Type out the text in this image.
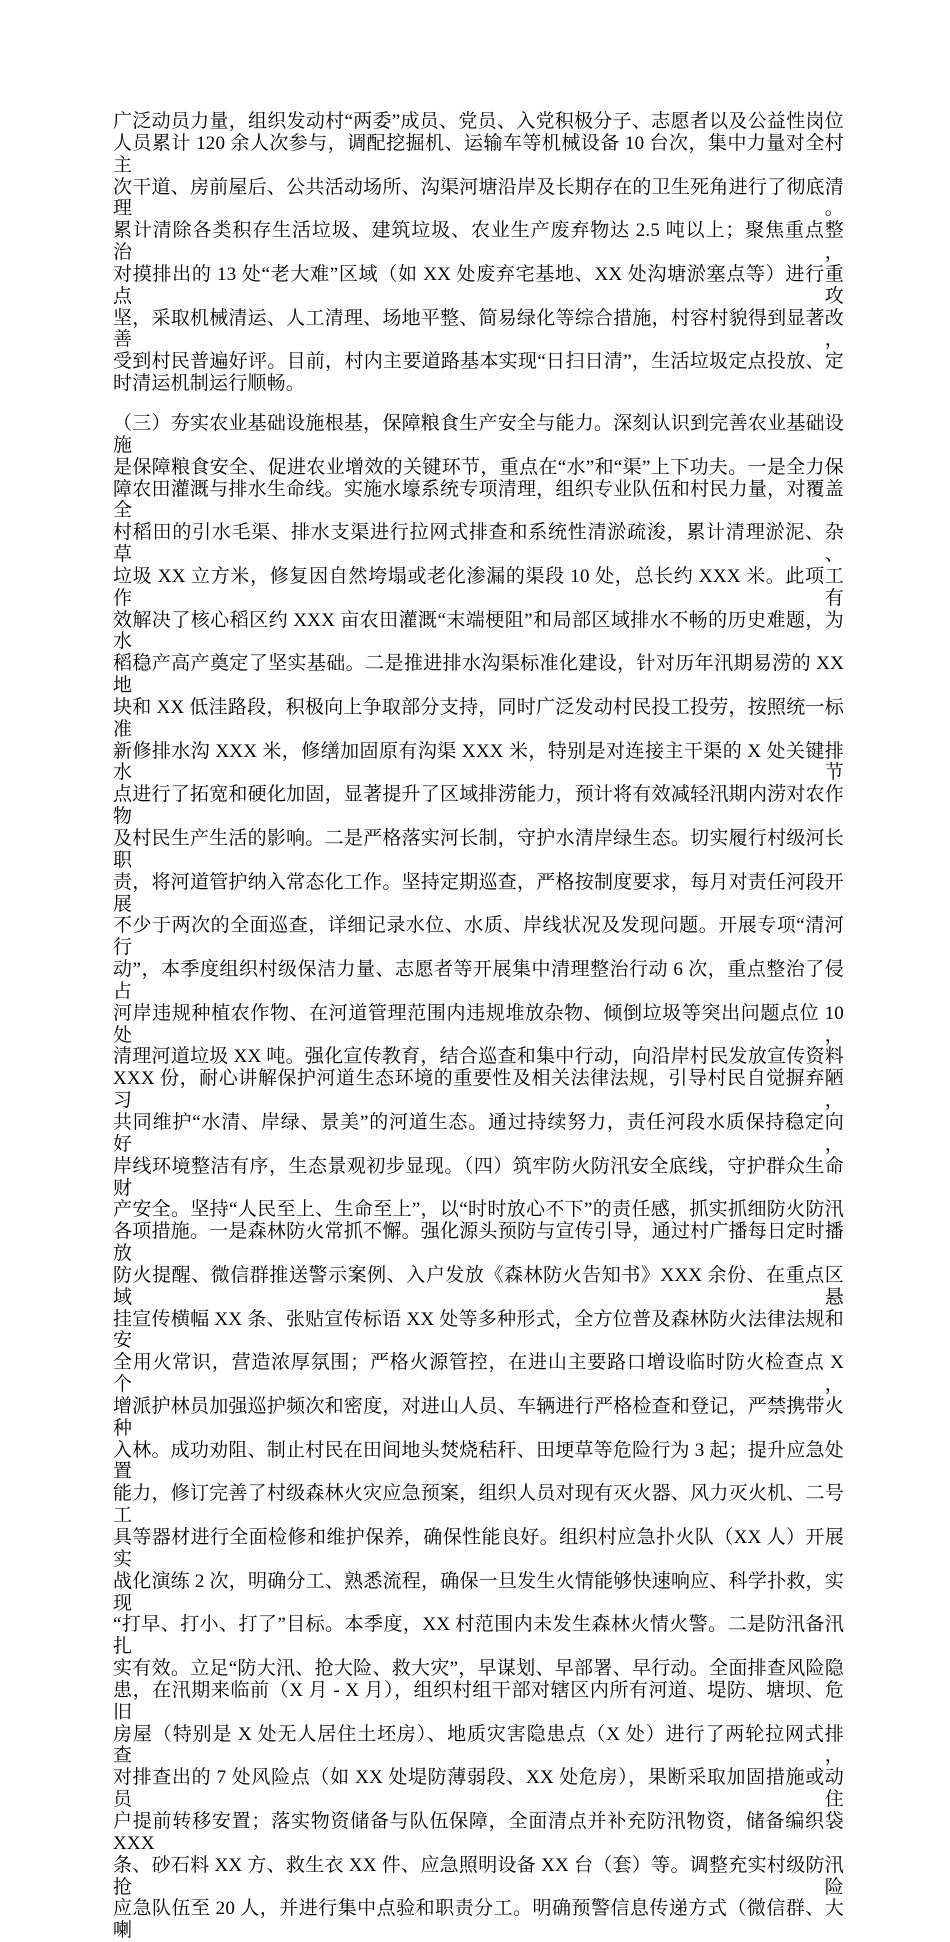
广泛动员力量，组织发动村“两委”成员、党员、入党积极分子、志愿者以及公益性岗位
人员累计 120 余人次参与，调配挖掘机、运输车等机械设备 10 台次，集中力量对全村主
次干道、房前屋后、公共活动场所、沟渠河塘沿岸及长期存在的卫生死角进行了彻底清理。
累计清除各类积存生活垃圾、建筑垃圾、农业生产废弃物达 2.5 吨以上；聚焦重点整治，
对摸排出的 13 处“老大难”区域（如 XX 处废弃宅基地、XX 处沟塘淤塞点等）进行重点攻
坚，采取机械清运、人工清理、场地平整、简易绿化等综合措施，村容村貌得到显著改善，
受到村民普遍好评。目前，村内主要道路基本实现“日扫日清”，生活垃圾定点投放、定
时清运机制运行顺畅。
（三）夯实农业基础设施根基，保障粮食生产安全与能力。深刻认识到完善农业基础设施
是保障粮食安全、促进农业增效的关键环节，重点在“水”和“渠”上下功夫。一是全力保
障农田灌溉与排水生命线。实施水壕系统专项清理，组织专业队伍和村民力量，对覆盖全
村稻田的引水毛渠、排水支渠进行拉网式排查和系统性清淤疏浚，累计清理淤泥、杂草、
垃圾 XX 立方米，修复因自然垮塌或老化渗漏的渠段 10 处，总长约 XXX 米。此项工作有
效解决了核心稻区约 XXX 亩农田灌溉“末端梗阻”和局部区域排水不畅的历史难题，为水
稻稳产高产奠定了坚实基础。二是推进排水沟渠标准化建设，针对历年汛期易涝的 XX 地
块和 XX 低洼路段，积极向上争取部分支持，同时广泛发动村民投工投劳，按照统一标准
新修排水沟 XXX 米，修缮加固原有沟渠 XXX 米，特别是对连接主干渠的 X 处关键排水节
点进行了拓宽和硬化加固，显著提升了区域排涝能力，预计将有效减轻汛期内涝对农作物
及村民生产生活的影响。二是严格落实河长制，守护水清岸绿生态。切实履行村级河长职
责，将河道管护纳入常态化工作。坚持定期巡查，严格按制度要求，每月对责任河段开展
不少于两次的全面巡查，详细记录水位、水质、岸线状况及发现问题。开展专项“清河行
动”，本季度组织村级保洁力量、志愿者等开展集中清理整治行动 6 次，重点整治了侵占
河岸违规种植农作物、在河道管理范围内违规堆放杂物、倾倒垃圾等突出问题点位 10 处，
清理河道垃圾 XX 吨。强化宣传教育，结合巡查和集中行动，向沿岸村民发放宣传资料
XXX 份，耐心讲解保护河道生态环境的重要性及相关法律法规，引导村民自觉摒弃陋习，
共同维护“水清、岸绿、景美”的河道生态。通过持续努力，责任河段水质保持稳定向好，
岸线环境整洁有序，生态景观初步显现。（四）筑牢防火防汛安全底线，守护群众生命财
产安全。坚持“人民至上、生命至上”，以“时时放心不下”的责任感，抓实抓细防火防汛
各项措施。一是森林防火常抓不懈。强化源头预防与宣传引导，通过村广播每日定时播放
防火提醒、微信群推送警示案例、入户发放《森林防火告知书》XXX 余份、在重点区域悬
挂宣传横幅 XX 条、张贴宣传标语 XX 处等多种形式，全方位普及森林防火法律法规和安
全用火常识，营造浓厚氛围；严格火源管控，在进山主要路口增设临时防火检查点 X 个，
增派护林员加强巡护频次和密度，对进山人员、车辆进行严格检查和登记，严禁携带火种
入林。成功劝阻、制止村民在田间地头焚烧秸秆、田埂草等危险行为 3 起；提升应急处置
能力，修订完善了村级森林火灾应急预案，组织人员对现有灭火器、风力灭火机、二号工
具等器材进行全面检修和维护保养，确保性能良好。组织村应急扑火队（XX 人）开展实
战化演练 2 次，明确分工、熟悉流程，确保一旦发生火情能够快速响应、科学扑救，实现
“打早、打小、打了”目标。本季度，XX 村范围内未发生森林火情火警。二是防汛备汛扎
实有效。立足“防大汛、抢大险、救大灾”，早谋划、早部署、早行动。全面排查风险隐
患，在汛期来临前（X 月 - X 月），组织村组干部对辖区内所有河道、堤防、塘坝、危旧
房屋（特别是 X 处无人居住土坯房）、地质灾害隐患点（X 处）进行了两轮拉网式排查，
对排查出的 7 处风险点（如 XX 处堤防薄弱段、XX 处危房），果断采取加固措施或动员住
户提前转移安置；落实物资储备与队伍保障，全面清点并补充防汛物资，储备编织袋 XXX
条、砂石料 XX 方、救生衣 XX 件、应急照明设备 XX 台（套）等。调整充实村级防汛抢险
应急队伍至 20 人，并进行集中点验和职责分工。明确预警信息传递方式（微信群、大喇
